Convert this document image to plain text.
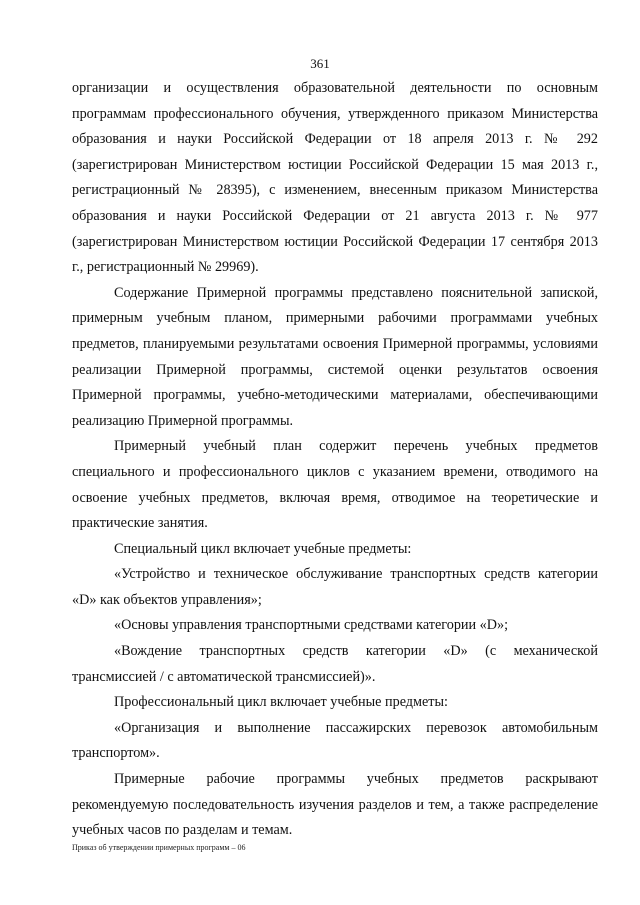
361

организации и осуществления образовательной деятельности по основным программам профессионального обучения, утвержденного приказом Министерства образования и науки Российской Федерации от 18 апреля 2013 г. № 292 (зарегистрирован Министерством юстиции Российской Федерации 15 мая 2013 г., регистрационный № 28395), с изменением, внесенным приказом Министерства образования и науки Российской Федерации от 21 августа 2013 г. № 977 (зарегистрирован Министерством юстиции Российской Федерации 17 сентября 2013 г., регистрационный № 29969).

Содержание Примерной программы представлено пояснительной запиской, примерным учебным планом, примерными рабочими программами учебных предметов, планируемыми результатами освоения Примерной программы, условиями реализации Примерной программы, системой оценки результатов освоения Примерной программы, учебно-методическими материалами, обеспечивающими реализацию Примерной программы.

Примерный учебный план содержит перечень учебных предметов специального и профессионального циклов с указанием времени, отводимого на освоение учебных предметов, включая время, отводимое на теоретические и практические занятия.

Специальный цикл включает учебные предметы:

«Устройство и техническое обслуживание транспортных средств категории «D» как объектов управления»;

«Основы управления транспортными средствами категории «D»;

«Вождение транспортных средств категории «D» (с механической трансмиссией / с автоматической трансмиссией)».

Профессиональный цикл включает учебные предметы:

«Организация и выполнение пассажирских перевозок автомобильным транспортом».

Примерные рабочие программы учебных предметов раскрывают рекомендуемую последовательность изучения разделов и тем, а также распределение учебных часов по разделам и темам.

Приказ об утверждении примерных программ – 06
